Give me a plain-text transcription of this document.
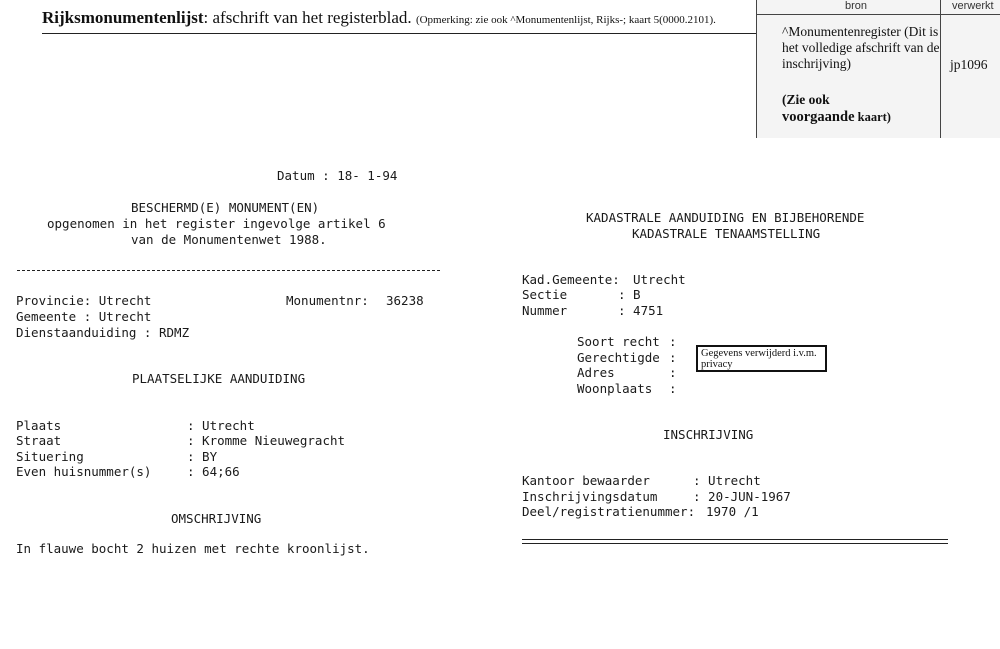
Rijksmonumentenlijst: afschrift van het registerblad. (Opmerking: zie ook ^Monumentenlijst, Rijks-; kaart 5(0000.2101).
bron	verwerkt
^Monumentenregister (Dit is het volledige afschrift van de inschrijving)
(Zie ook
voorgaande kaart)
jp1096
Datum : 18- 1-94
BESCHERMD(E) MONUMENT(EN)
opgenomen in het register ingevolge artikel 6
van de Monumentenwet 1988.
Provincie: Utrecht	Monumentnr: 36238
Gemeente : Utrecht
Dienstaanduiding : RDMZ
PLAATSELIJKE AANDUIDING
Plaats	: Utrecht
Straat	: Kromme Nieuwegracht
Situering	: BY
Even huisnummer(s)	: 64;66
OMSCHRIJVING
In flauwe bocht 2 huizen met rechte kroonlijst.
KADASTRALE AANDUIDING EN BIJBEHORENDE
KADASTRALE TENAAMSTELLING
Kad.Gemeente: Utrecht
Sectie	: B
Nummer	: 4751
Soort recht :
Gerechtigde :
Adres	:
Woonplaats :
Gegevens verwijderd i.v.m. privacy
INSCHRIJVING
Kantoor bewaarder	: Utrecht
Inschrijvingsdatum	: 20-JUN-1967
Deel/registratienummer: 1970 /1
